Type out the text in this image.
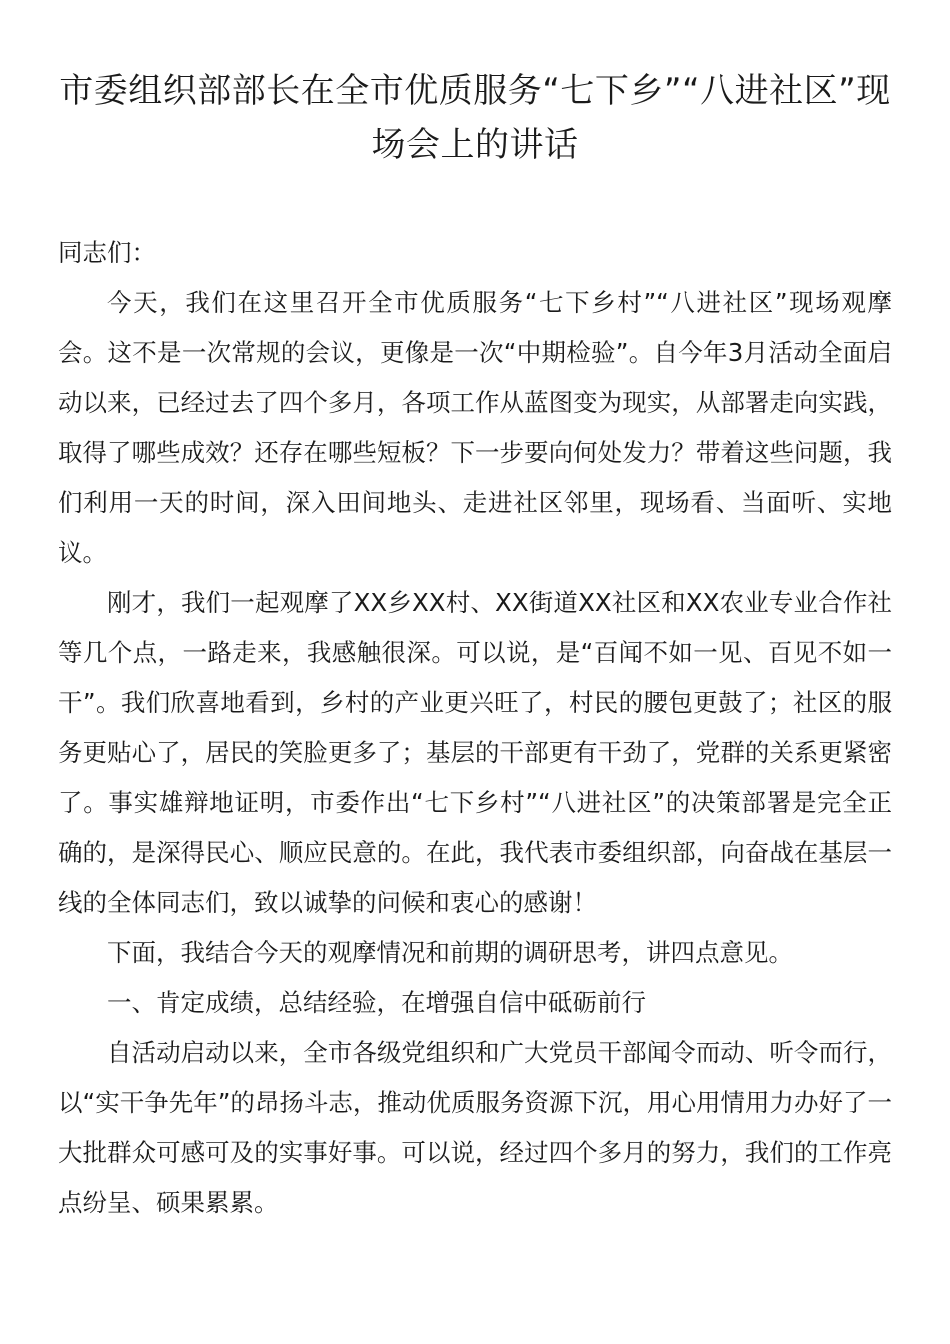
市委组织部部长在全市优质服务“七下乡”“八进社区”现场会上的讲话

同志们：

今天，我们在这里召开全市优质服务“七下乡村”“八进社区”现场观摩会。这不是一次常规的会议，更像是一次“中期检验”。自今年3月活动全面启动以来，已经过去了四个多月，各项工作从蓝图变为现实，从部署走向实践，取得了哪些成效？还存在哪些短板？下一步要向何处发力？带着这些问题，我们利用一天的时间，深入田间地头、走进社区邻里，现场看、当面听、实地议。

刚才，我们一起观摩了XX乡XX村、XX街道XX社区和XX农业专业合作社等几个点，一路走来，我感触很深。可以说，是“百闻不如一见、百见不如一干”。我们欣喜地看到，乡村的产业更兴旺了，村民的腰包更鼓了；社区的服务更贴心了，居民的笑脸更多了；基层的干部更有干劲了，党群的关系更紧密了。事实雄辩地证明，市委作出“七下乡村”“八进社区”的决策部署是完全正确的，是深得民心、顺应民意的。在此，我代表市委组织部，向奋战在基层一线的全体同志们，致以诚挚的问候和衷心的感谢！

下面，我结合今天的观摩情况和前期的调研思考，讲四点意见。

一、肯定成绩，总结经验，在增强自信中砥砺前行

自活动启动以来，全市各级党组织和广大党员干部闻令而动、听令而行，以“实干争先年”的昂扬斗志，推动优质服务资源下沉，用心用情用力办好了一大批群众可感可及的实事好事。可以说，经过四个多月的努力，我们的工作亮点纷呈、硕果累累。
